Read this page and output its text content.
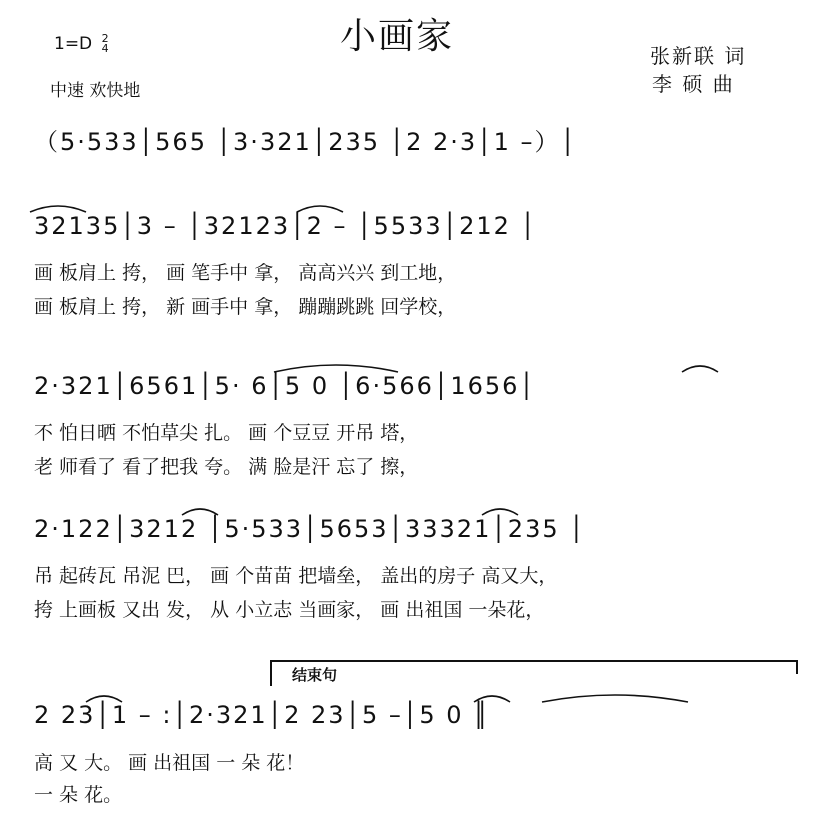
1=D 2
4	小画家
中速 欢快地
张新联 词
李 硕 曲
（5·533│565 │3·321│235 │2 2·3│1 –）│
32135│3 – │32123│2 – │5533│212 │
画 板肩上 挎， 画 笔手中 拿， 高高兴兴 到工地，
画 板肩上 挎， 新 画手中 拿， 蹦蹦跳跳 回学校，
2·321│6561│5· 6│5 0 │6·566│1656│
不 怕日晒 不怕草尖 扎。 画 个豆豆 开吊 塔，
老 师看了 看了把我 夸。 满 脸是汗 忘了 擦，
2·122│3212 │5·533│5653│33321│235 │
吊 起砖瓦 吊泥 巴， 画 个苗苗 把墙垒， 盖出的房子 高又大，
挎 上画板 又出 发， 从 小立志 当画家， 画 出祖国 一朵花，
结束句
2 23│1 – :│2·321│2 23│5 –│5 0 ║
高 又 大。 画 出祖国 一 朵 花！
一 朵 花。
